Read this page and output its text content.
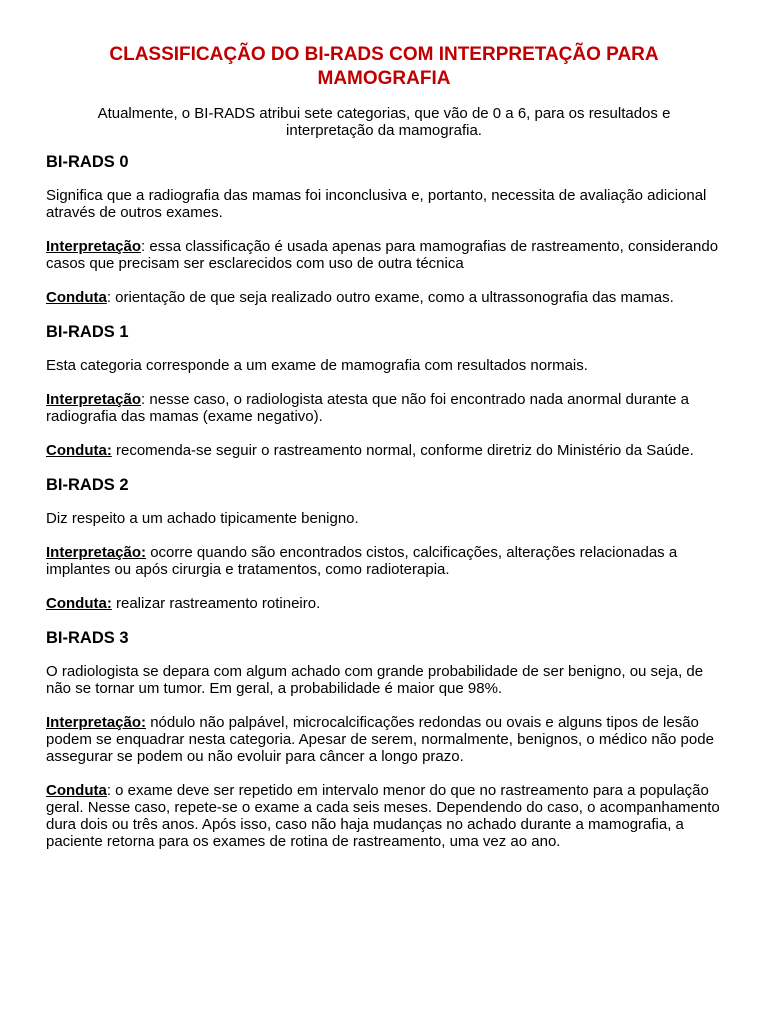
CLASSIFICAÇÃO DO BI-RADS COM INTERPRETAÇÃO PARA
MAMOGRAFIA
Atualmente, o BI-RADS atribui sete categorias, que vão de 0 a 6, para os resultados e interpretação da mamografia.
BI-RADS 0
Significa que a radiografia das mamas foi inconclusiva e, portanto, necessita de avaliação adicional através de outros exames.
Interpretação: essa classificação é usada apenas para mamografias de rastreamento, considerando casos que precisam ser esclarecidos com uso de outra técnica
Conduta: orientação de que seja realizado outro exame, como a ultrassonografia das mamas.
BI-RADS 1
Esta categoria corresponde a um exame de mamografia com resultados normais.
Interpretação: nesse caso, o radiologista atesta que não foi encontrado nada anormal durante a radiografia das mamas (exame negativo).
Conduta: recomenda-se seguir o rastreamento normal, conforme diretriz do Ministério da Saúde.
BI-RADS 2
Diz respeito a um achado tipicamente benigno.
Interpretação: ocorre quando são encontrados cistos, calcificações, alterações relacionadas a implantes ou após cirurgia e tratamentos, como radioterapia.
Conduta: realizar rastreamento rotineiro.
BI-RADS 3
O radiologista se depara com algum achado com grande probabilidade de ser benigno, ou seja, de não se tornar um tumor. Em geral, a probabilidade é maior que 98%.
Interpretação: nódulo não palpável, microcalcificações redondas ou ovais e alguns tipos de lesão podem se enquadrar nesta categoria. Apesar de serem, normalmente, benignos, o médico não pode assegurar se podem ou não evoluir para câncer a longo prazo.
Conduta: o exame deve ser repetido em intervalo menor do que no rastreamento para a população geral. Nesse caso, repete-se o exame a cada seis meses. Dependendo do caso, o acompanhamento dura dois ou três anos. Após isso, caso não haja mudanças no achado durante a mamografia, a paciente retorna para os exames de rotina de rastreamento, uma vez ao ano.
